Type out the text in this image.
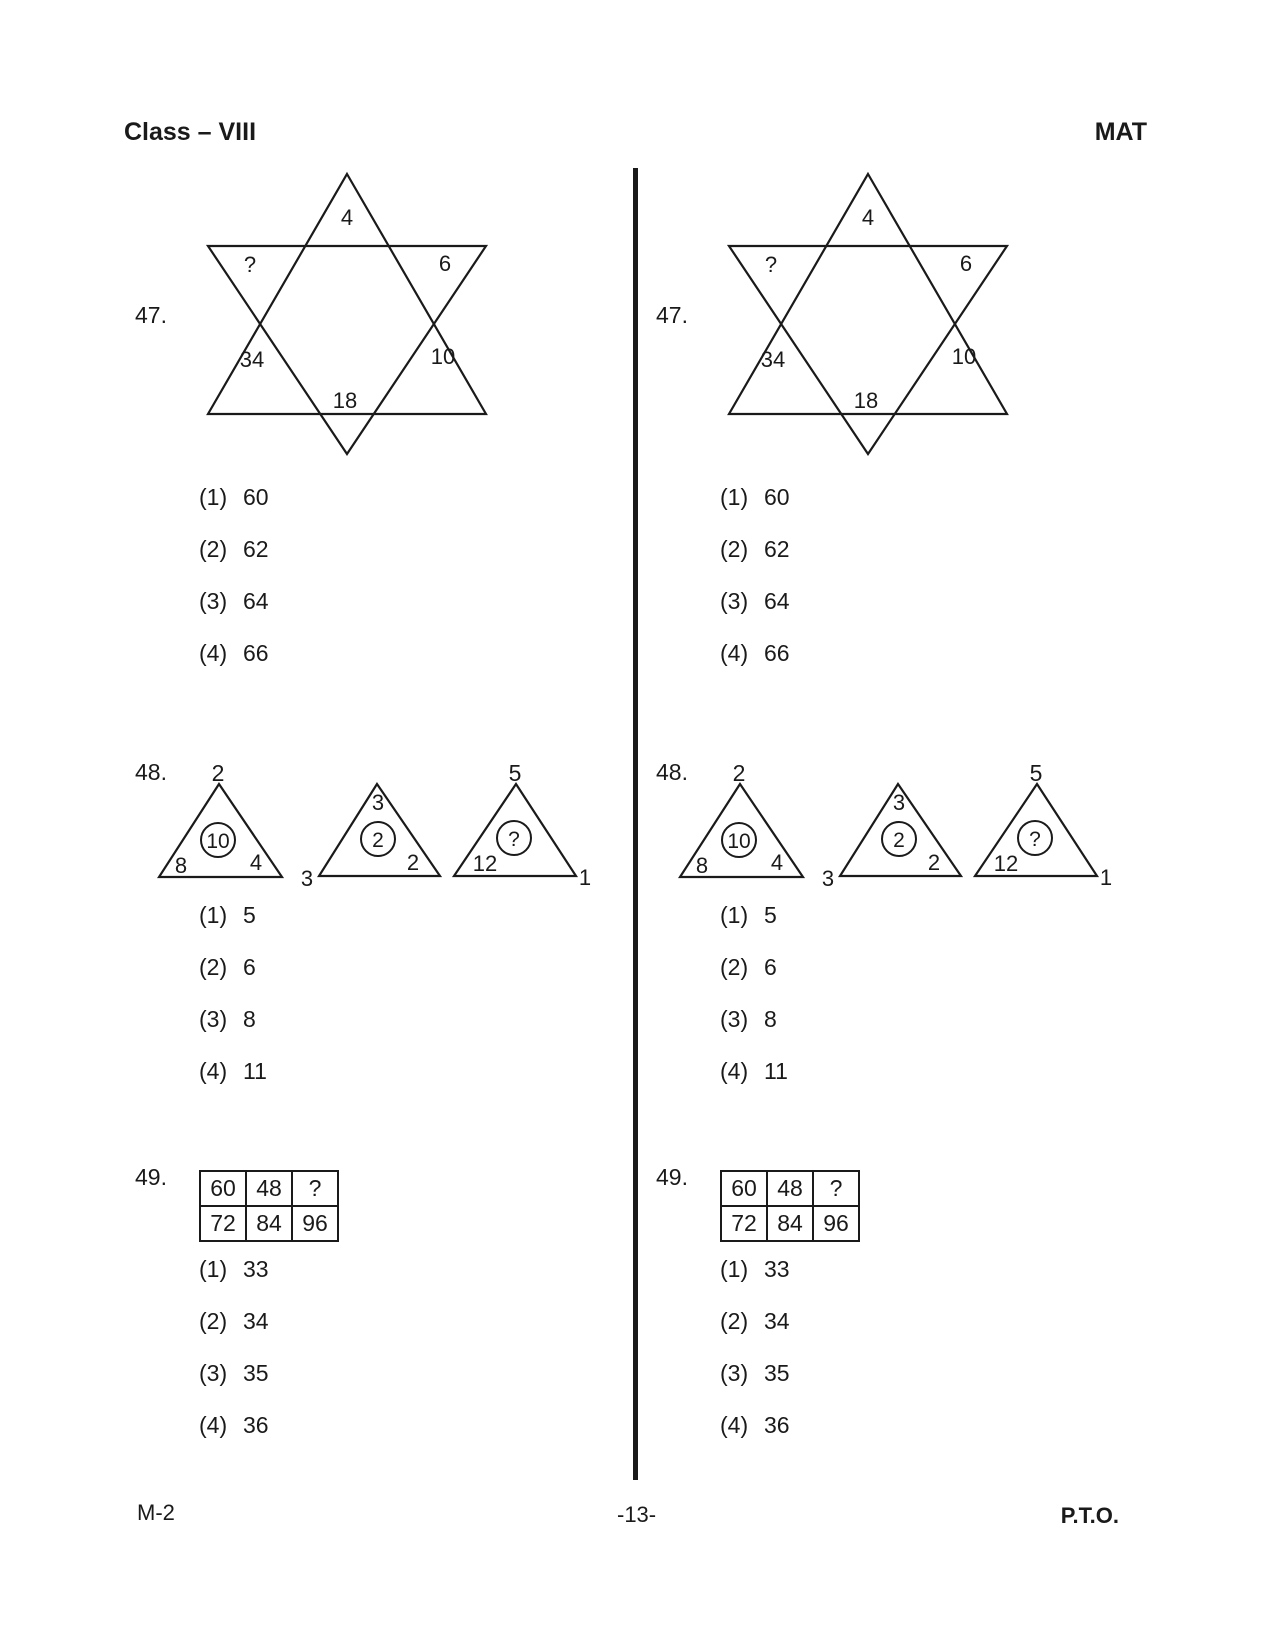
Class – VIII	MAT
47.
4
6
10
18
34
?
(1) 60
(2) 62
(3) 64
(4) 66
48. 2
8	4
10
3
3
2
2
5
12
1
?
(1) 5
(2) 6
(3) 8
(4) 11
49. 60	48	?
72	84	96
(1) 33
(2) 34
(3) 35
(4) 36
47.
4
6
10
18
34
?
(1) 60
(2) 62
(3) 64
(4) 66
48. 2
8	4
10
3
3
2
2
5
12
1
?
(1) 5
(2) 6
(3) 8
(4) 11
49. 60	48	?
72	84	96
(1) 33
(2) 34
(3) 35
(4) 36
M-2	-13-	P.T.O.
